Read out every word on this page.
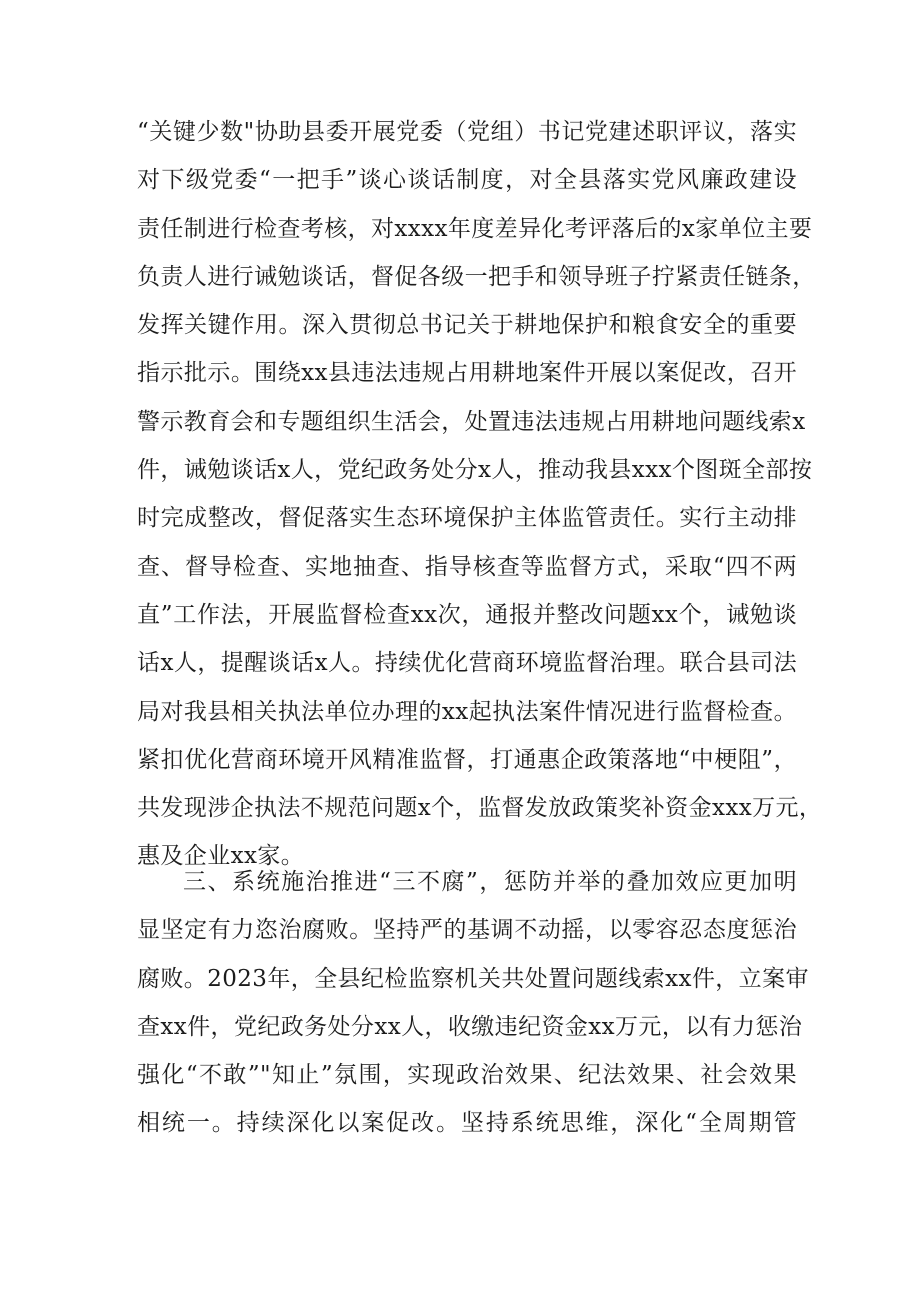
“关键少数"协助县委开展党委（党组）书记党建述职评议，落实
对下级党委“一把手”谈心谈话制度，对全县落实党风廉政建设
责任制进行检查考核，对xxxx年度差异化考评落后的x家单位主要
负责人进行诫勉谈话，督促各级一把手和领导班子拧紧责任链条，
发挥关键作用。深入贯彻总书记关于耕地保护和粮食安全的重要
指示批示。围绕xx县违法违规占用耕地案件开展以案促改，召开
警示教育会和专题组织生活会，处置违法违规占用耕地问题线索x
件，诫勉谈话x人，党纪政务处分x人，推动我县xxx个图斑全部按
时完成整改，督促落实生态环境保护主体监管责任。实行主动排
查、督导检查、实地抽查、指导核查等监督方式，采取“四不两
直”工作法，开展监督检查xx次，通报并整改问题xx个，诫勉谈
话x人，提醒谈话x人。持续优化营商环境监督治理。联合县司法
局对我县相关执法单位办理的xx起执法案件情况进行监督检查。
紧扣优化营商环境开风精准监督，打通惠企政策落地“中梗阻”，
共发现涉企执法不规范问题x个，监督发放政策奖补资金xxx万元，
惠及企业xx家。
三、系统施治推进“三不腐”，惩防并举的叠加效应更加明
显坚定有力恣治腐败。坚持严的基调不动摇，以零容忍态度惩治
腐败。2023年，全县纪检监察机关共处置问题线索xx件，立案审
查xx件，党纪政务处分xx人，收缴违纪资金xx万元，以有力惩治
强化“不敢”"知止”氛围，实现政治效果、纪法效果、社会效果
相统一。持续深化以案促改。坚持系统思维，深化“全周期管
